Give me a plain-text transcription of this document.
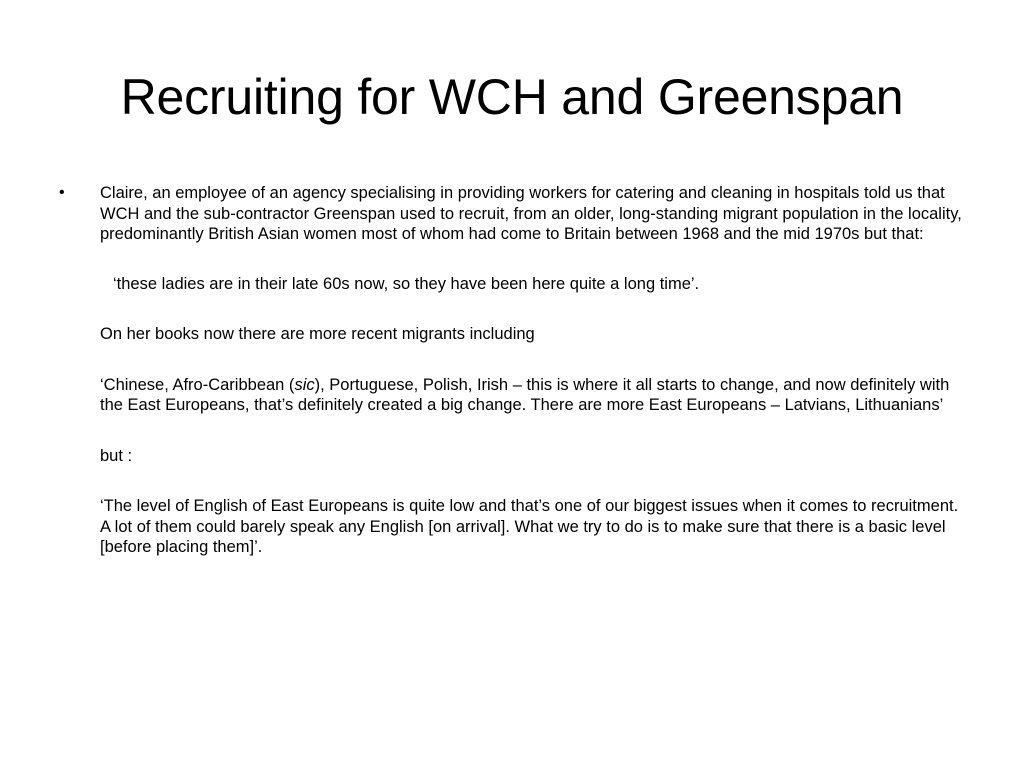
Recruiting for WCH and Greenspan
• Claire, an employee of an agency specialising in providing workers for catering and cleaning in hospitals told us that WCH and the sub-contractor Greenspan used to recruit, from an older, long-standing migrant population in the locality, predominantly British Asian women most of whom had come to Britain between 1968 and the mid 1970s but that:

‘these ladies are in their late 60s now, so they have been here quite a long time’.

On her books now there are more recent migrants including

‘Chinese, Afro-Caribbean (sic), Portuguese, Polish, Irish – this is where it all starts to change, and now definitely with the East Europeans, that’s definitely created a big change. There are more East Europeans – Latvians, Lithuanians’

but :

‘The level of English of East Europeans is quite low and that’s one of our biggest issues when it comes to recruitment. A lot of them could barely speak any English [on arrival]. What we try to do is to make sure that there is a basic level [before placing them]’.
